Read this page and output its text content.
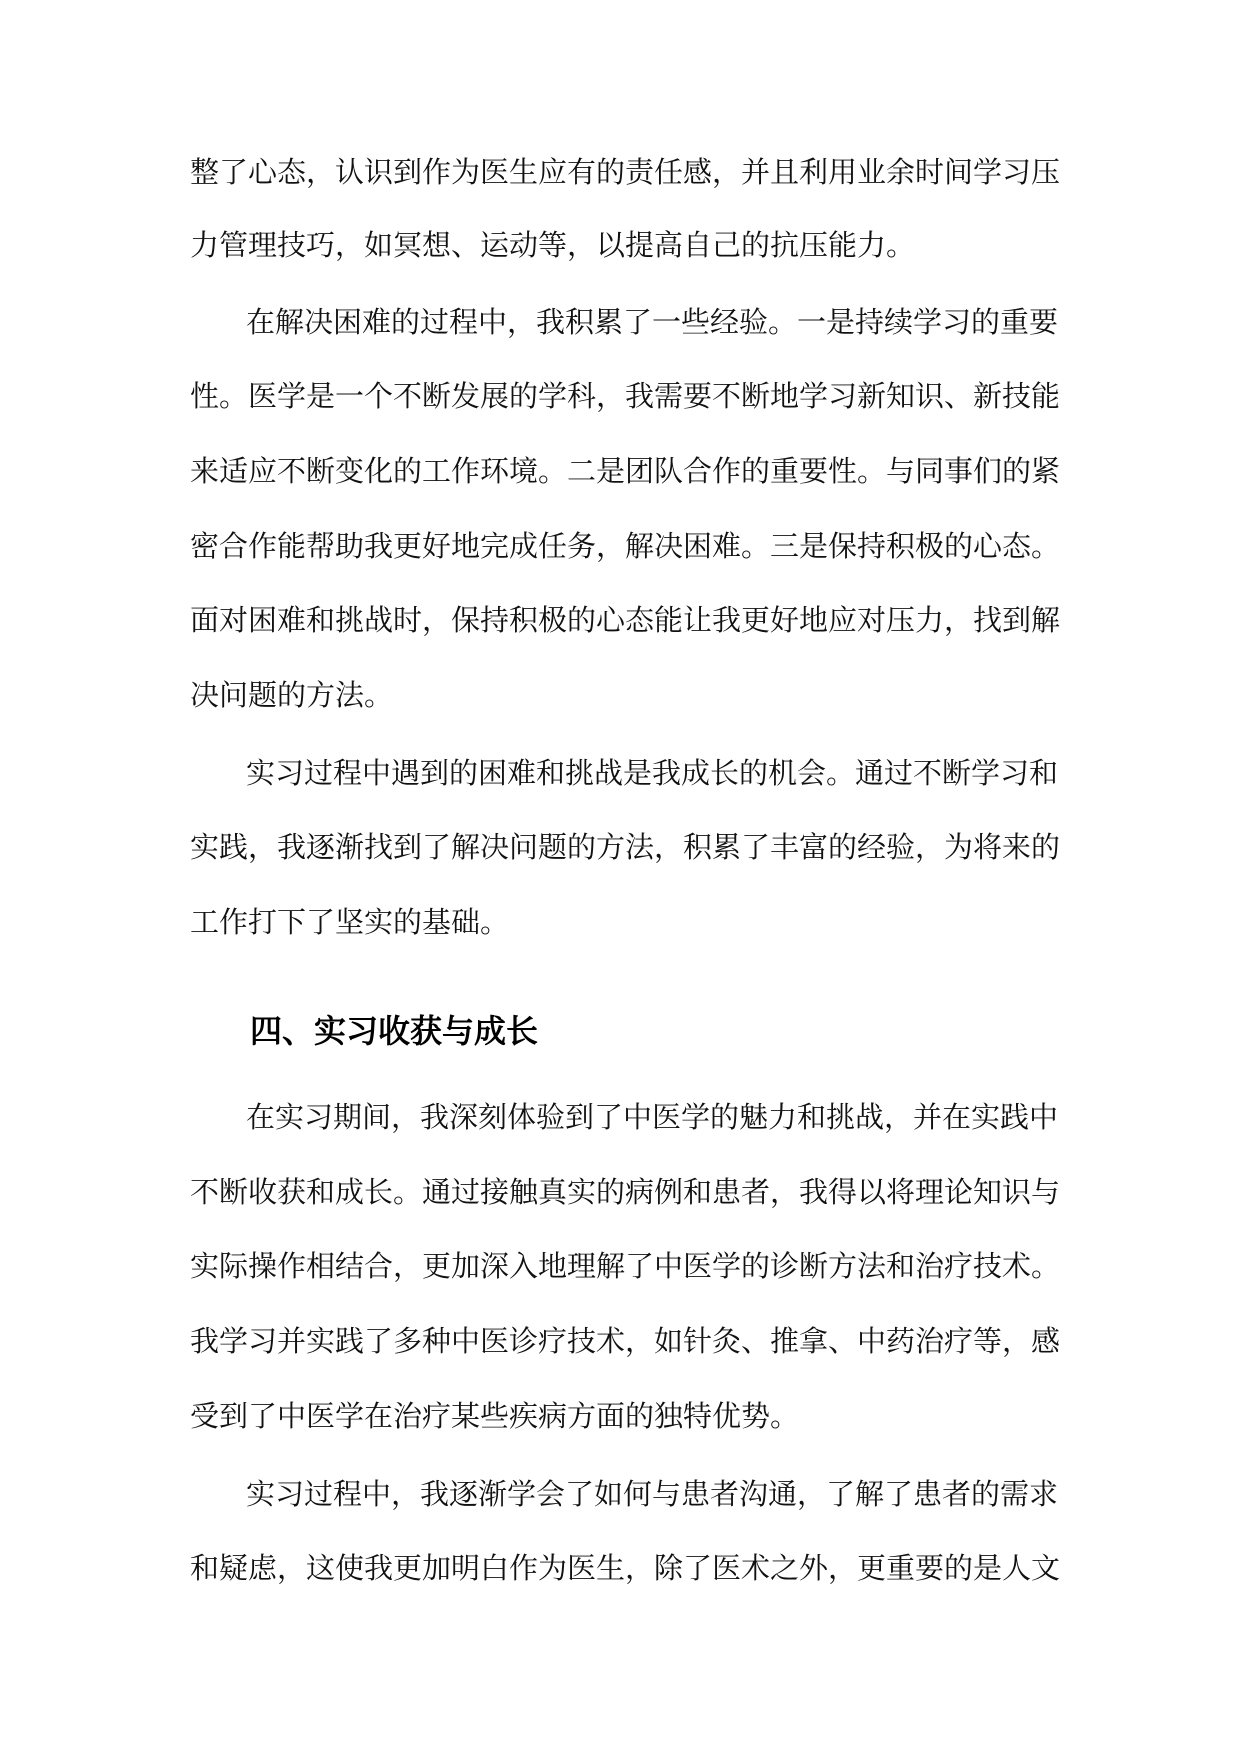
整了心态，认识到作为医生应有的责任感，并且利用业余时间学习压
力管理技巧，如冥想、运动等，以提高自己的抗压能力。
在解决困难的过程中，我积累了一些经验。一是持续学习的重要
性。医学是一个不断发展的学科，我需要不断地学习新知识、新技能
来适应不断变化的工作环境。二是团队合作的重要性。与同事们的紧
密合作能帮助我更好地完成任务，解决困难。三是保持积极的心态。
面对困难和挑战时，保持积极的心态能让我更好地应对压力，找到解
决问题的方法。
实习过程中遇到的困难和挑战是我成长的机会。通过不断学习和
实践，我逐渐找到了解决问题的方法，积累了丰富的经验，为将来的
工作打下了坚实的基础。
四、实习收获与成长
在实习期间，我深刻体验到了中医学的魅力和挑战，并在实践中
不断收获和成长。通过接触真实的病例和患者，我得以将理论知识与
实际操作相结合，更加深入地理解了中医学的诊断方法和治疗技术。
我学习并实践了多种中医诊疗技术，如针灸、推拿、中药治疗等，感
受到了中医学在治疗某些疾病方面的独特优势。
实习过程中，我逐渐学会了如何与患者沟通，了解了患者的需求
和疑虑，这使我更加明白作为医生，除了医术之外，更重要的是人文
